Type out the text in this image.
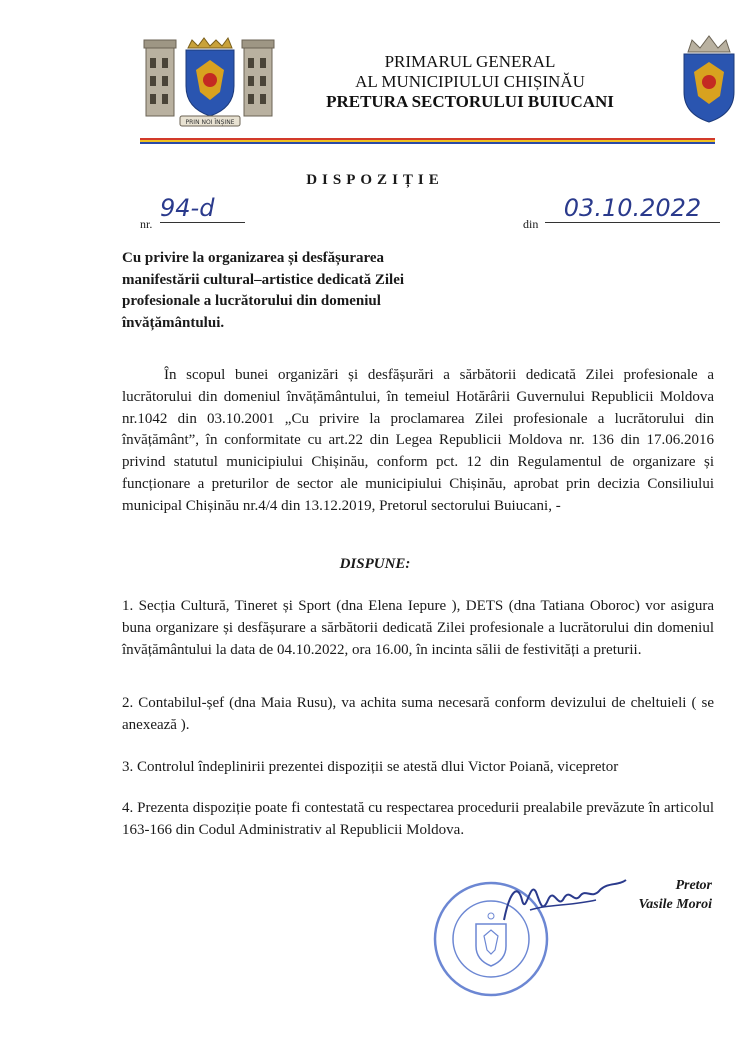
PRIN NOI ÎNȘINE
PRIMARUL GENERAL
AL MUNICIPIULUI CHIȘINĂU
PRETURA SECTORULUI BUIUCANI
DISPOZIȚIE
nr.
94-d
din
03.10.2022
Cu privire la organizarea și desfășurarea manifestării cultural–artistice dedicată Zilei profesionale a lucrătorului din domeniul învățământului.
În scopul bunei organizări și desfășurări a sărbătorii dedicată Zilei profesionale a lucrătorului din domeniul învățământului, în temeiul Hotărârii Guvernului Republicii Moldova nr.1042 din 03.10.2001 „Cu privire la proclamarea Zilei profesionale a lucrătorului din învățământ”, în conformitate cu art.22 din Legea Republicii Moldova nr. 136 din 17.06.2016 privind statutul municipiului Chișinău, conform pct. 12 din Regulamentul de organizare și funcționare a preturilor de sector ale municipiului Chișinău, aprobat prin decizia Consiliului municipal Chișinău nr.4/4 din 13.12.2019, Pretorul sectorului Buiucani, -
DISPUNE:
1. Secția Cultură, Tineret și Sport (dna Elena Iepure ), DETS (dna Tatiana Oboroc) vor asigura buna organizare și desfășurare a sărbătorii dedicată Zilei profesionale a lucrătorului din domeniul învățământului la data de 04.10.2022, ora 16.00, în incinta sălii de festivități a preturii.
2. Contabilul-șef (dna Maia Rusu), va achita suma necesară conform devizului de cheltuieli ( se anexează ).
3. Controlul îndeplinirii prezentei dispoziții se atestă dlui Victor Poiană, vicepretor
4. Prezenta dispoziție poate fi contestată cu respectarea procedurii prealabile prevăzute în articolul 163-166 din Codul Administrativ al Republicii Moldova.
Pretor
Vasile Moroi
